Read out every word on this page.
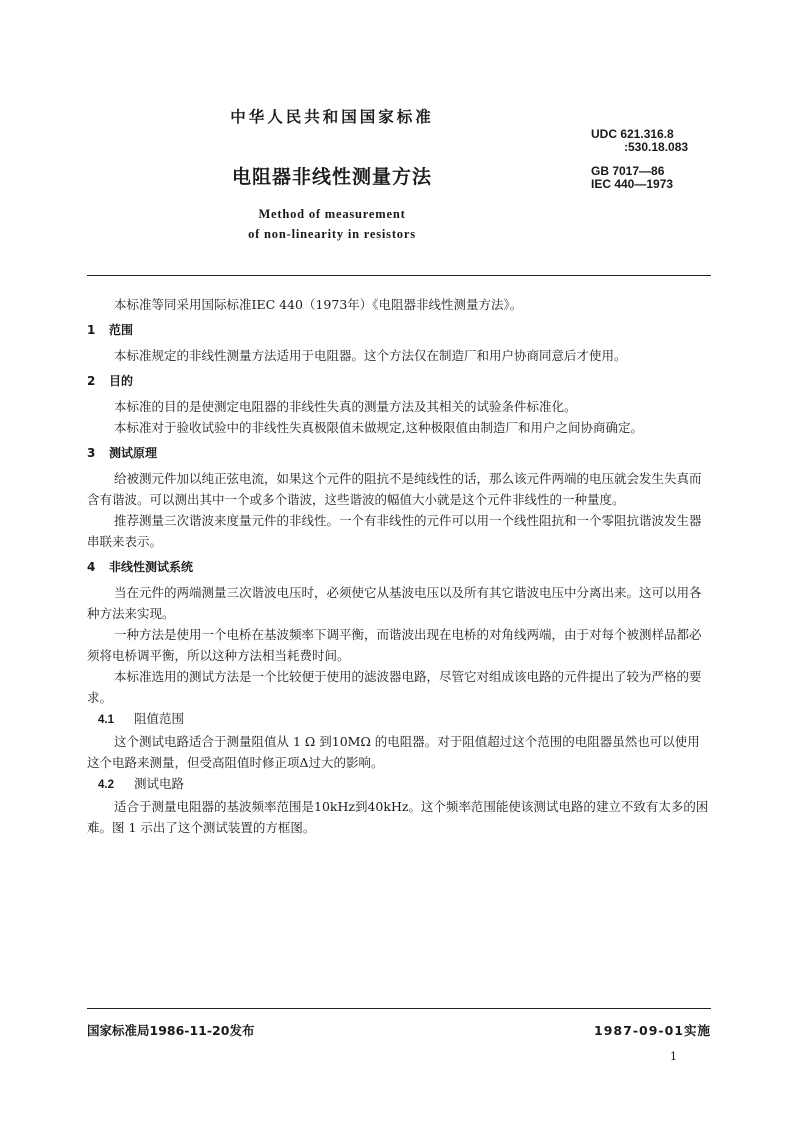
中华人民共和国国家标准
电阻器非线性测量方法
Method of measurement
of non-linearity in resistors
UDC 621.316.8
:530.18.083
GB 7017—86
IEC 440—1973

本标准等同采用国际标准IEC 440（1973年）《电阻器非线性测量方法》。

1 范围

本标准规定的非线性测量方法适用于电阻器。这个方法仅在制造厂和用户协商同意后才使用。

2 目的

本标准的目的是使测定电阻器的非线性失真的测量方法及其相关的试验条件标准化。

本标准对于验收试验中的非线性失真极限值未做规定,这种极限值由制造厂和用户之间协商确定。

3 测试原理

给被测元件加以纯正弦电流，如果这个元件的阻抗不是纯线性的话，那么该元件两端的电压就会发生失真而含有谐波。可以测出其中一个或多个谐波，这些谐波的幅值大小就是这个元件非线性的一种量度。

推荐测量三次谐波来度量元件的非线性。一个有非线性的元件可以用一个线性阻抗和一个零阻抗谐波发生器串联来表示。

4 非线性测试系统

当在元件的两端测量三次谐波电压时，必须使它从基波电压以及所有其它谐波电压中分离出来。这可以用各种方法来实现。

一种方法是使用一个电桥在基波频率下调平衡，而谐波出现在电桥的对角线两端，由于对每个被测样品都必须将电桥调平衡，所以这种方法相当耗费时间。

本标准选用的测试方法是一个比较便于使用的滤波器电路，尽管它对组成该电路的元件提出了较为严格的要求。

4.1 阻值范围

这个测试电路适合于测量阻值从 1 Ω 到10MΩ 的电阻器。对于阻值超过这个范围的电阻器虽然也可以使用这个电路来测量，但受高阻值时修正项Δ过大的影响。

4.2 测试电路

适合于测量电阻器的基波频率范围是10kHz到40kHz。这个频率范围能使该测试电路的建立不致有太多的困难。图 1 示出了这个测试装置的方框图。

国家标准局1986-11-20发布	1987-09-01实施
1
